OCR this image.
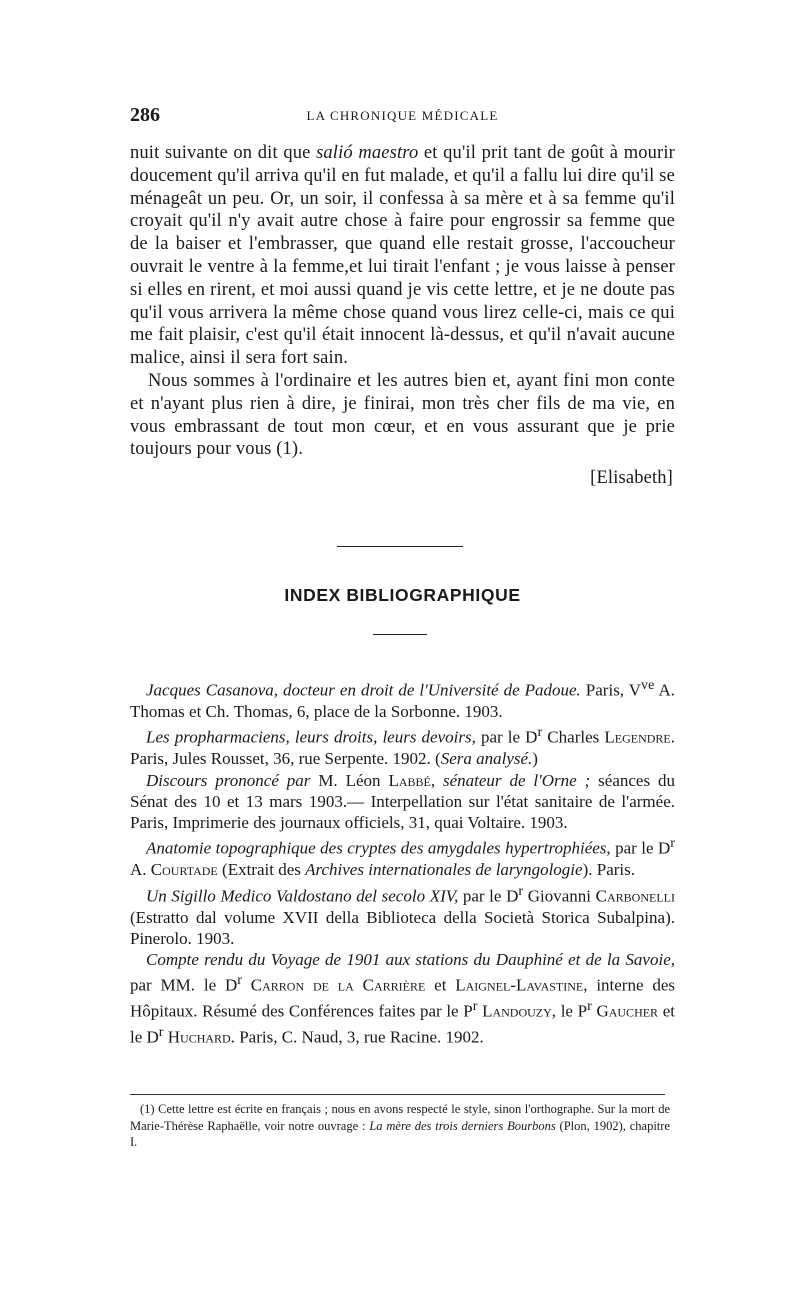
286	LA CHRONIQUE MÉDICALE

nuit suivante on dit que salió maestro et qu'il prit tant de goût à mourir doucement qu'il arriva qu'il en fut malade, et qu'il a fallu lui dire qu'il se ménageât un peu. Or, un soir, il confessa à sa mère et à sa femme qu'il croyait qu'il n'y avait autre chose à faire pour engrossir sa femme que de la baiser et l'embrasser, que quand elle restait grosse, l'accoucheur ouvrait le ventre à la femme,et lui tirait l'enfant ; je vous laisse à penser si elles en rirent, et moi aussi quand je vis cette lettre, et je ne doute pas qu'il vous arrivera la même chose quand vous lirez celle-ci, mais ce qui me fait plaisir, c'est qu'il était innocent là-dessus, et qu'il n'avait aucune malice, ainsi il sera fort sain.

Nous sommes à l'ordinaire et les autres bien et, ayant fini mon conte et n'ayant plus rien à dire, je finirai, mon très cher fils de ma vie, en vous embrassant de tout mon cœur, et en vous assurant que je prie toujours pour vous (1).

[Elisabeth]

INDEX BIBLIOGRAPHIQUE

Jacques Casanova, docteur en droit de l'Université de Padoue. Paris, $V^{ve}$ A. Thomas et Ch. Thomas, 6, place de la Sorbonne. 1903.

Les propharmaciens, leurs droits, leurs devoirs, par le $D^r$ Charles Legendre. Paris, Jules Rousset, 36, rue Serpente. 1902. (Sera analysé.)

Discours prononcé par M. Léon Labbé, sénateur de l'Orne ; séances du Sénat des 10 et 13 mars 1903.— Interpellation sur l'état sanitaire de l'armée. Paris, Imprimerie des journaux officiels, 31, quai Voltaire. 1903.

Anatomie topographique des cryptes des amygdales hypertrophiées, par le $D^r$ A. Courtade (Extrait des Archives internationales de laryngologie). Paris.

Un Sigillo Medico Valdostano del secolo XIV, par le $D^r$ Giovanni Carbonelli (Estratto dal volume XVII della Biblioteca della Società Storica Subalpina). Pinerolo. 1903.

Compte rendu du Voyage de 1901 aux stations du Dauphiné et de la Savoie, par MM. le $D^r$ Carron de la Carrière et Laignel-Lavastine, interne des Hôpitaux. Résumé des Conférences faites par le $P^r$ Landouzy, le $P^r$ Gaucher et le $D^r$ Huchard. Paris, C. Naud, 3, rue Racine. 1902.

(1) Cette lettre est écrite en français ; nous en avons respecté le style, sinon l'orthographe. Sur la mort de Marie-Thérèse Raphaëlle, voir notre ouvrage : La mère des trois derniers Bourbons (Plon, 1902), chapitre I.
